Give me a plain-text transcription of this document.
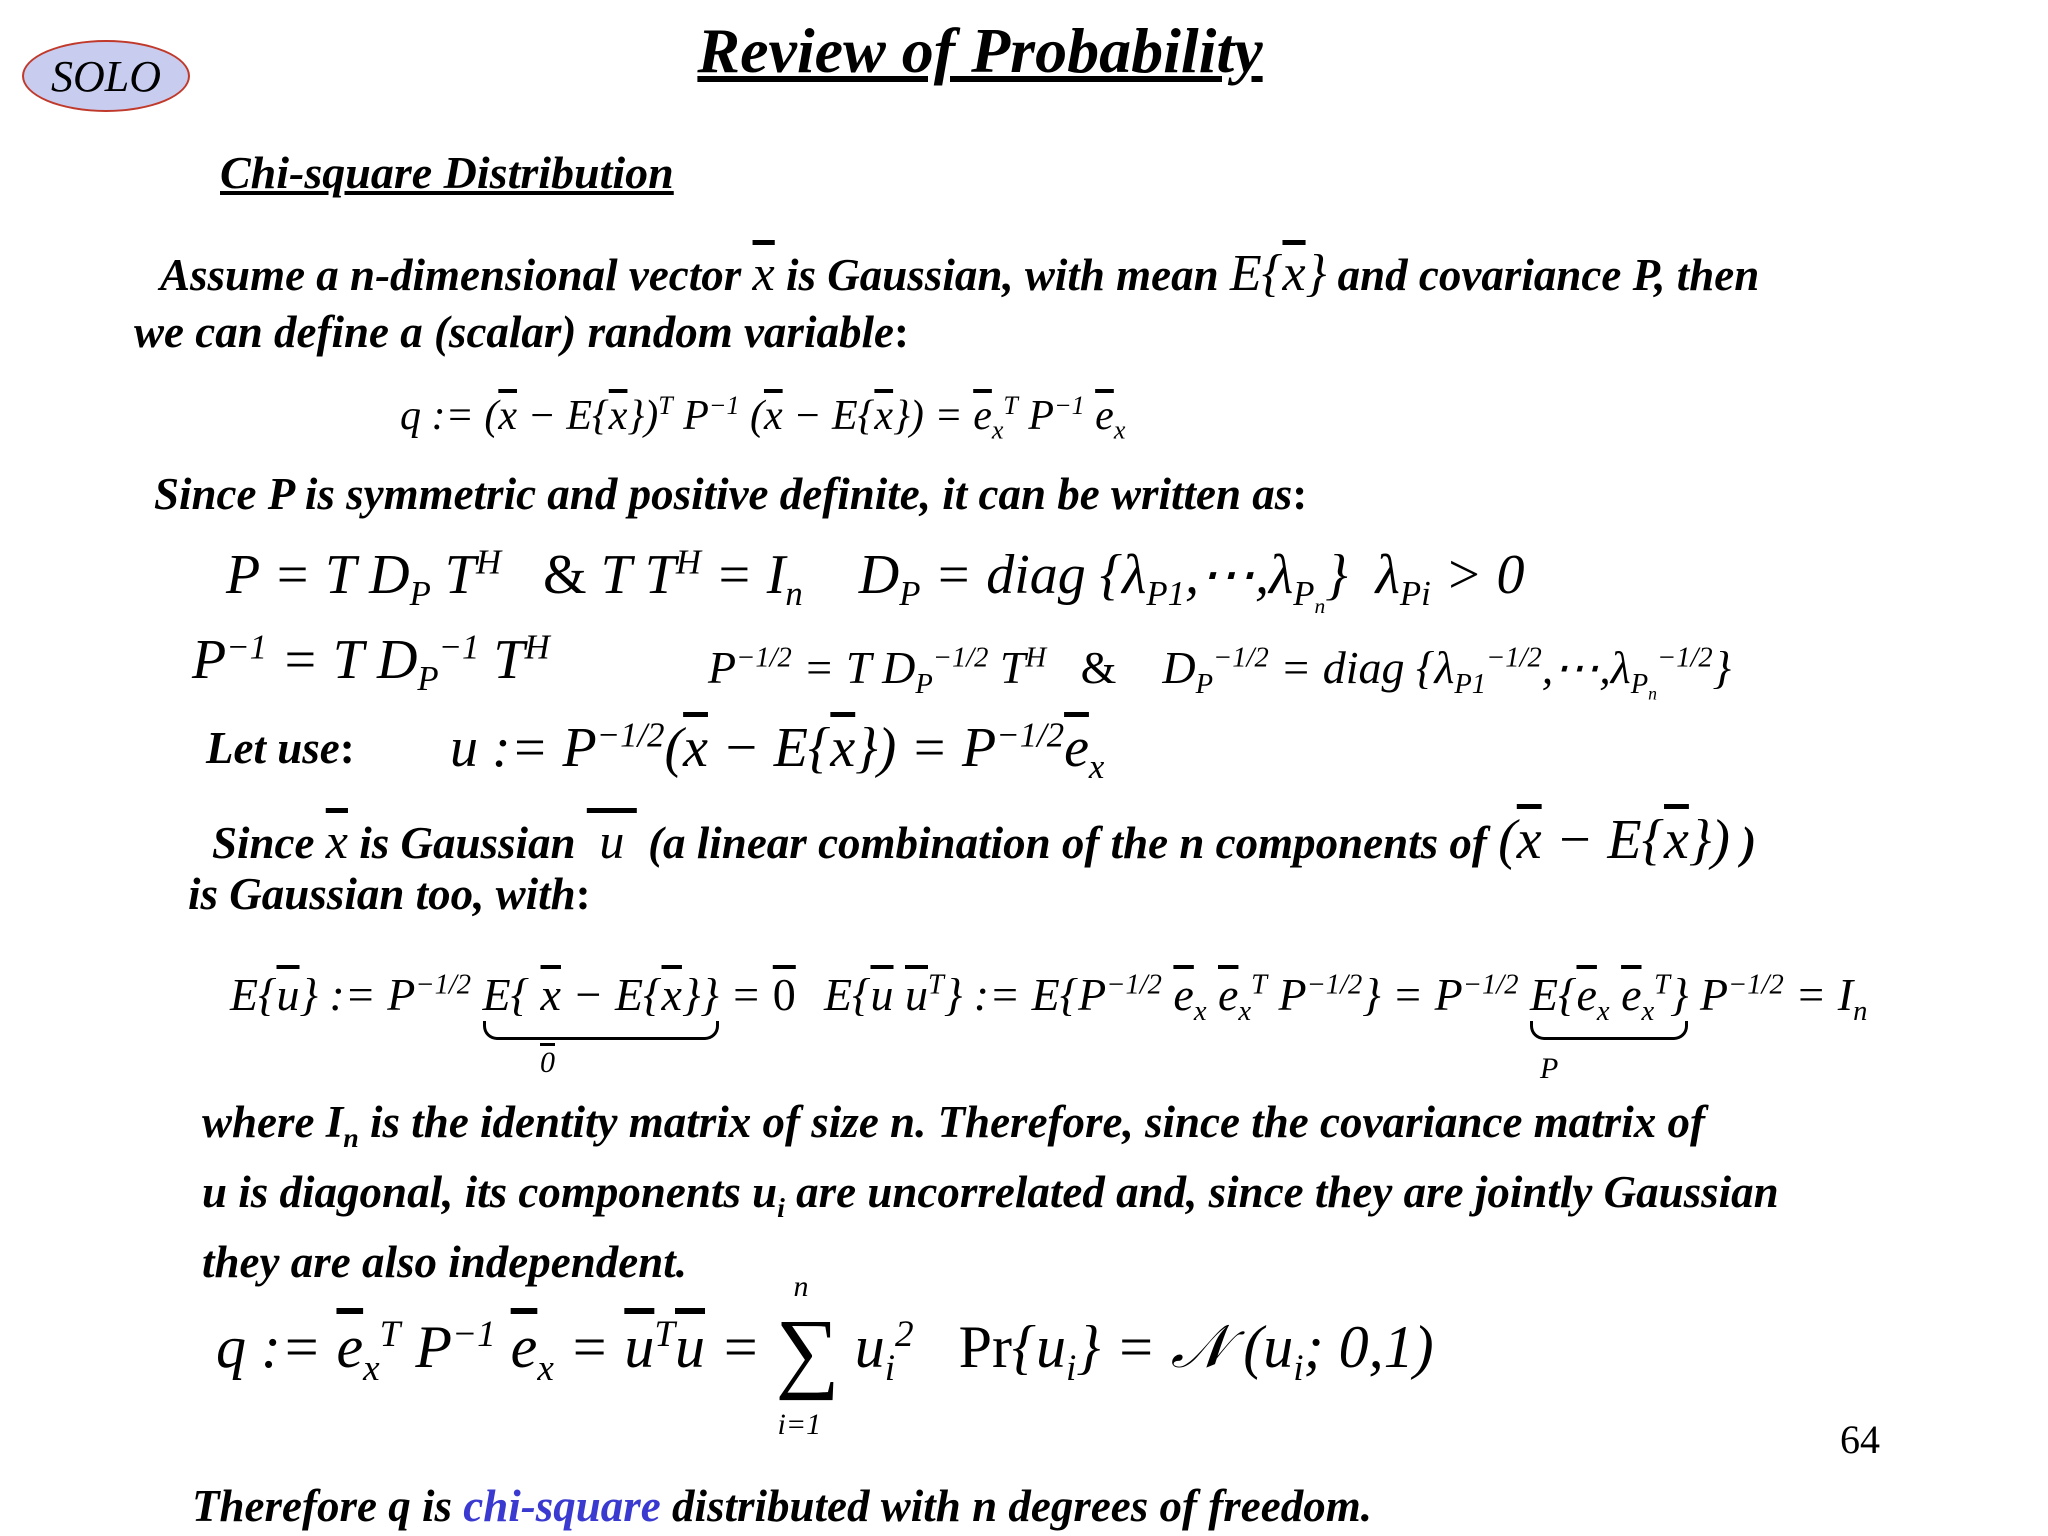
SOLO	Review of Probability
Chi-square Distribution
Assume a n-dimensional vector $\overline{x}$ is Gaussian, with mean $E\{\overline{x}\}$ and covariance P, then
we can define a (scalar) random variable:
q := $(\overline{x} - E\{\overline{x}\})^T$ $P^{-1}$ $(\overline{x} - E\{\overline{x}\}) = \overline{e}_x^T$ $P^{-1}$ $\overline{e}_x$
Since P is symmetric and positive definite, it can be written as:
P = T $D_P$ $T^H$ & T $T^H = I_n$    $D_P$ = diag $\{\lambda_{P1},\cdots,\lambda_{P_n}\} \lambda_{Pi} > 0$
$P^{-1} = T$ $D_P^{-1}$ $T^H$	$P^{-1/2} = T$ $D_P^{-1/2}$ $T^H$ &    $D_P^{-1/2}$ = diag $\{\lambda_{P1}^{-1/2},\cdots,\lambda_{P_n}^{-1/2}\}$
Let use: u := $P^{-1/2}(\overline{x} - E\{\overline{x}\}) = P^{-1/2}\overline{e}_x$
Since $\overline{x}$ is Gaussian  u  (a linear combination of the n components of $(\overline{x} - E\{\overline{x}\})$ )
is Gaussian too, with:
$E\{\overline{u}\}$ := $P^{-1/2}$ E{ $\overline{x} - E\{\overline{x}\}$}
= 0
0
$E\{\overline{u}$ $\overline{u}^T$} := $E\{P^{-1/2}$ $\overline{e}_x$ $\overline{e}_x^T$ $P^{-1/2}\} = P^{-1/2}$ $E\{\overline{e}_x$ $\overline{e}_x^T$}
$P^{-1/2} = I_n$
P
where $I_n$ is the identity matrix of size n. Therefore, since the covariance matrix of
u is diagonal, its components $u_i$ are uncorrelated and, since they are jointly Gaussian
they are also independent.
q := $\overline{e}_x^T$ $P^{-1}$ $\overline{e}_x = \overline{u}^T\overline{u}$ = ∑
n
i=1
$u_i^2$ $Pr\{u_i\}$ = 𝒩 ($u_i$; 0,1)
64
Therefore q is chi-square distributed with n degrees of freedom.
